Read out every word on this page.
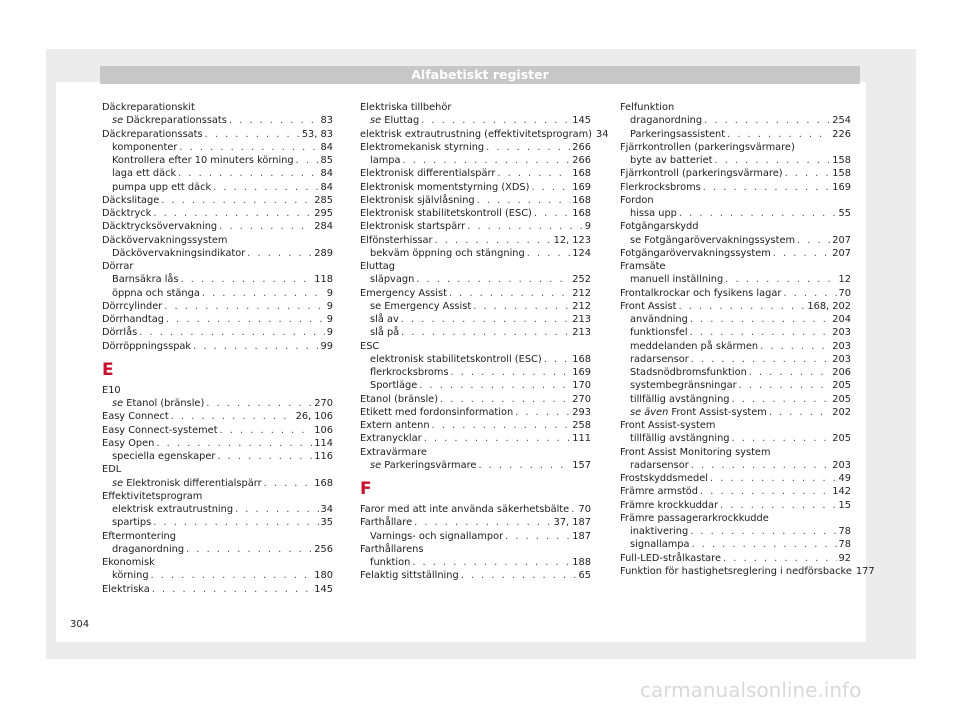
Alfabetiskt register
Däckreparationskit
se Däckreparationssats . . .	83
Däckreparationssats . . .	53, 83
komponenter . . .	84
Kontrollera efter 10 minuters körning . . .	85
laga ett däck . . .	84
pumpa upp ett däck . . .	84
Däckslitage . . .	285
Däcktryck . . .	295
Däcktrycksövervakning . . .	284
Däckövervakningssystem
Däckövervakningsindikator . . .	289
Dörrar
Barnsäkra lås . . .	118
öppna och stänga . . .	9
Dörrcylinder . . .	9
Dörrhandtag . . .	9
Dörrlås . . .	9
Dörröppningsspak . . .	99
E
E10
se Etanol (bränsle) . . .	270
Easy Connect . . .	26, 106
Easy Connect-systemet . . .	106
Easy Open . . .	114
speciella egenskaper . . .	116
EDL
se Elektronisk differentialspärr . . .	168
Effektivitetsprogram
elektrisk extrautrustning . . .	34
spartips . . .	35
Eftermontering
draganordning . . .	256
Ekonomisk
körning . . .	180
Elektriska . . .	145
Elektriska tillbehör
se Eluttag . . .	145
elektrisk extrautrustning (effektivitetsprogram) 34
Elektromekanisk styrning . . .	266
lampa . . .	266
Elektronisk differentialspärr . . .	168
Elektronisk momentstyrning (XDS) . . .	169
Elektronisk självlåsning . . .	168
Elektronisk stabilitetskontroll (ESC) . . .	168
Elektronisk startspärr . . .	9
Elfönsterhissar . . .	12, 123
bekväm öppning och stängning . . .	124
Eluttag
släpvagn . . .	252
Emergency Assist . . .	212
se Emergency Assist . . .	212
slå av . . .	213
slå på . . .	213
ESC
elektronisk stabilitetskontroll (ESC) . . .	168
flerkrocksbroms . . .	169
Sportläge . . .	170
Etanol (bränsle) . . .	270
Etikett med fordonsinformation . . .	293
Extern antenn . . .	258
Extranycklar . . .	111
Extravärmare
se Parkeringsvärmare . . .	157
F
Faror med att inte använda säkerhetsbälte . . . 70
Farthållare . . .	37, 187
Varnings- och signallampor . . .	187
Farthållarens
funktion . . .	188
Felaktig sittställning . . .	65
Felfunktion
draganordning . . .	254
Parkeringsassistent . . .	226
Fjärrkontrollen (parkeringsvärmare)
byte av batteriet . . .	158
Fjärrkontroll (parkeringsvärmare) . . .	158
Flerkrocksbroms . . .	169
Fordon
hissa upp . . .	55
Fotgängarskydd
se Fotgängarövervakningssystem . . .	207
Fotgängarövervakningssystem . . .	207
Framsäte
manuell inställning . . .	12
Frontalkrockar och fysikens lagar . . .	70
Front Assist . . .	168, 202
användning . . .	204
funktionsfel . . .	203
meddelanden på skärmen . . .	203
radarsensor . . .	203
Stadsnödbromsfunktion . . .	206
systembegränsningar . . .	205
tillfällig avstängning . . .	205
se även Front Assist-system . . .	202
Front Assist-system
tillfällig avstängning . . .	205
Front Assist Monitoring system
radarsensor . . .	203
Frostskyddsmedel . . .	49
Främre armstöd . . .	142
Främre krockkuddar . . .	15
Främre passagerarkrockkudde
inaktivering . . .	78
signallampa . . .	78
Full-LED-strålkastare . . .	92
Funktion för hastighetsreglering i nedförsbacke 177
304
carmanualsonline.info
